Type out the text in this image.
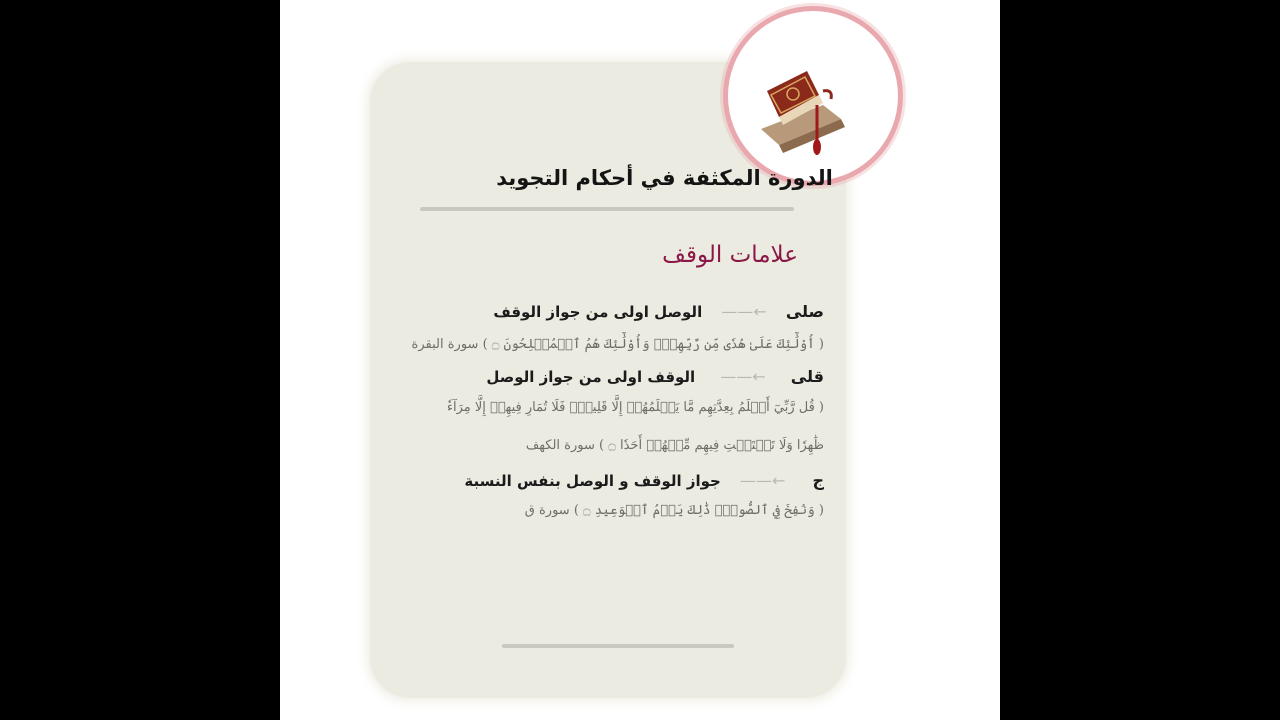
الدورة المكثفة في أحكام التجويد
علامات الوقف
صلى ←—— الوصل اولى من جواز الوقف
( أُوْلَٰٓئِكَ عَلَىٰ هُدٗى مِّن رَّبِّهِمۡۖ وَأُوْلَٰٓئِكَ هُمُ ٱلۡمُفۡلِحُونَ ۝ ) سورة البقرة
قلى ←—— الوقف اولى من جواز الوصل
( قُل رَّبِّيٓ أَعۡلَمُ بِعِدَّتِهِم مَّا يَعۡلَمُهُمۡ إِلَّا قَلِيلٞۗ فَلَا تُمَارِ فِيهِمۡ إِلَّا مِرَآءٗ
ظَٰهِرٗا وَلَا تَسۡتَفۡتِ فِيهِم مِّنۡهُمۡ أَحَدٗا ۝ ) سورة الكهف
ج ←—— جواز الوقف و الوصل بنفس النسبة
( وَنُفِخَ فِي ٱلصُّورِۚ ذَٰلِكَ يَوۡمُ ٱلۡوَعِيدِ ۝ ) سورة ق
